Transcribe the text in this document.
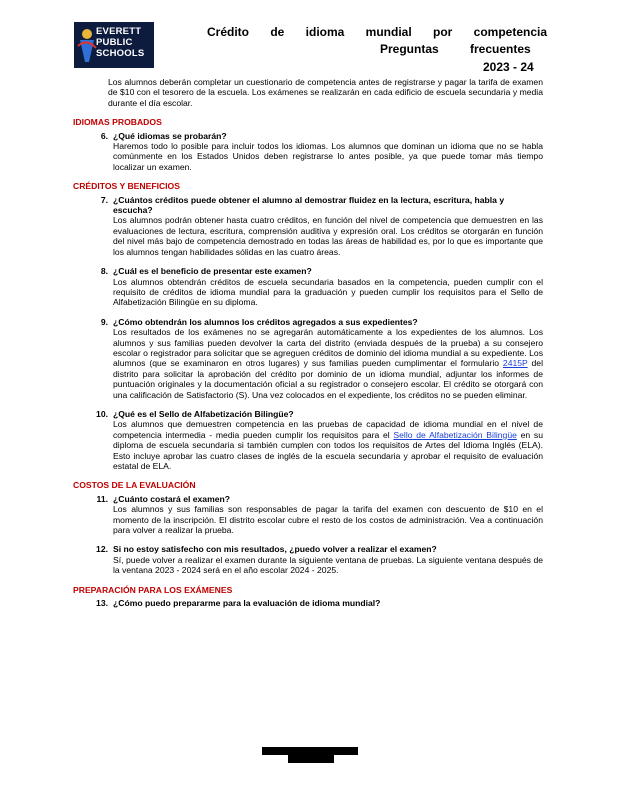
EVERETT
PUBLIC
SCHOOLS
Crédito de idioma mundial por competencia
Preguntas frecuentes
2023 - 24
Los alumnos deberán completar un cuestionario de competencia antes de registrarse y pagar la tarifa de examen de $10 con el tesorero de la escuela. Los exámenes se realizarán en cada edificio de escuela secundaria y media durante el día escolar.
IDIOMAS PROBADOS
6. ¿Qué idiomas se probarán?
Haremos todo lo posible para incluir todos los idiomas. Los alumnos que dominan un idioma que no se habla comúnmente en los Estados Unidos deben registrarse lo antes posible, ya que puede tomar más tiempo localizar un examen.
CRÉDITOS Y BENEFICIOS
7. ¿Cuántos créditos puede obtener el alumno al demostrar fluidez en la lectura, escritura, habla y escucha?
Los alumnos podrán obtener hasta cuatro créditos, en función del nivel de competencia que demuestren en las evaluaciones de lectura, escritura, comprensión auditiva y expresión oral. Los créditos se otorgarán en función del nivel más bajo de competencia demostrado en todas las áreas de habilidad es, por lo que es importante que los alumnos tengan habilidades sólidas en las cuatro áreas.
8. ¿Cuál es el beneficio de presentar este examen?
Los alumnos obtendrán créditos de escuela secundaria basados en la competencia, pueden cumplir con el requisito de créditos de idioma mundial para la graduación y pueden cumplir los requisitos para el Sello de Alfabetización Bilingüe en su diploma.
9. ¿Cómo obtendrán los alumnos los créditos agregados a sus expedientes?
Los resultados de los exámenes no se agregarán automáticamente a los expedientes de los alumnos. Los alumnos y sus familias pueden devolver la carta del distrito (enviada después de la prueba) a su consejero escolar o registrador para solicitar que se agreguen créditos de dominio del idioma mundial a su expediente. Los alumnos (que se examinaron en otros lugares) y sus familias pueden cumplimentar el formulario 2415P del distrito para solicitar la aprobación del crédito por dominio de un idioma mundial, adjuntar los informes de puntuación originales y la documentación oficial a su registrador o consejero escolar. El crédito se otorgará con una calificación de Satisfactorio (S). Una vez colocados en el expediente, los créditos no se pueden eliminar.
10. ¿Qué es el Sello de Alfabetización Bilingüe?
Los alumnos que demuestren competencia en las pruebas de capacidad de idioma mundial en el nivel de competencia intermedia - media pueden cumplir los requisitos para el Sello de Alfabetización Bilingüe en su diploma de escuela secundaria si también cumplen con todos los requisitos de Artes del Idioma Inglés (ELA). Esto incluye aprobar las cuatro clases de inglés de la escuela secundaria y aprobar el requisito de evaluación estatal de ELA.
COSTOS DE LA EVALUACIÓN
11. ¿Cuánto costará el examen?
Los alumnos y sus familias son responsables de pagar la tarifa del examen con descuento de $10 en el momento de la inscripción. El distrito escolar cubre el resto de los costos de administración. Vea a continuación para volver a realizar la prueba.
12. Si no estoy satisfecho con mis resultados, ¿puedo volver a realizar el examen?
Sí, puede volver a realizar el examen durante la siguiente ventana de pruebas. La siguiente ventana después de la ventana 2023 - 2024 será en el año escolar 2024 - 2025.
PREPARACIÓN PARA LOS EXÁMENES
13. ¿Cómo puedo prepararme para la evaluación de idioma mundial?
